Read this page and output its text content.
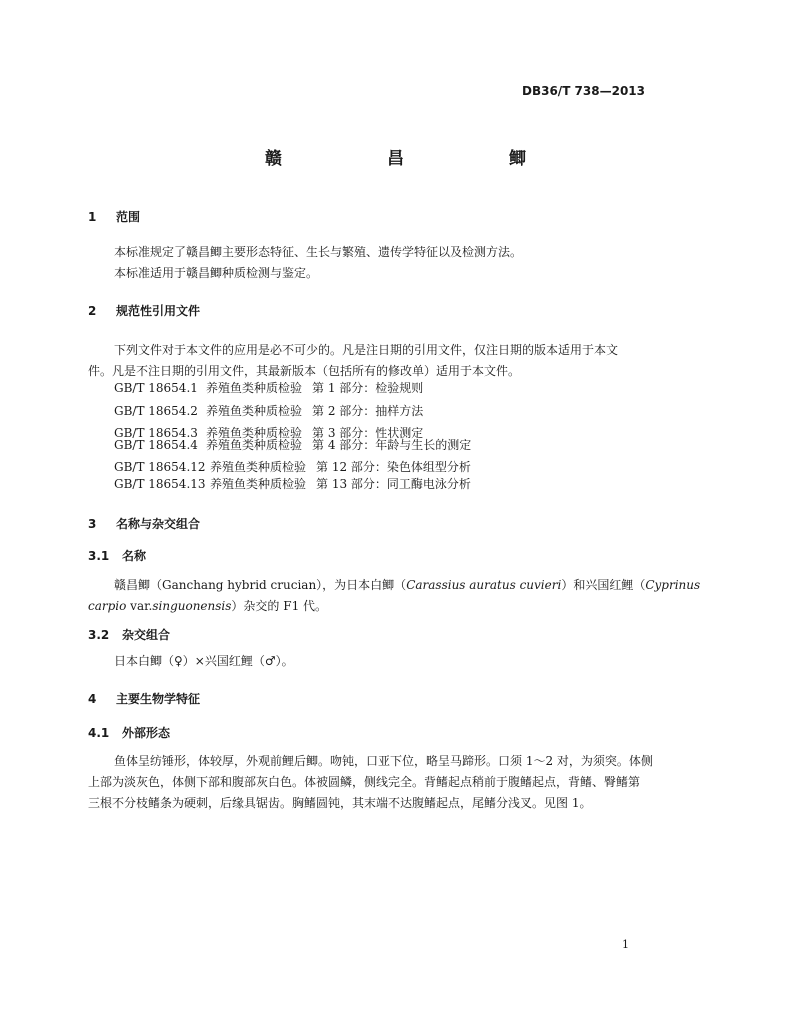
DB36/T 738—2013
赣　昌　鲫
1 范围
本标准规定了赣昌鲫主要形态特征、生长与繁殖、遗传学特征以及检测方法。
本标准适用于赣昌鲫种质检测与鉴定。
2 规范性引用文件
下列文件对于本文件的应用是必不可少的。凡是注日期的引用文件，仅注日期的版本适用于本文
件。凡是不注日期的引用文件，其最新版本（包括所有的修改单）适用于本文件。
GB/T 18654.1 养殖鱼类种质检验 第 1 部分：检验规则
GB/T 18654.2 养殖鱼类种质检验 第 2 部分：抽样方法
GB/T 18654.3 养殖鱼类种质检验 第 3 部分：性状测定
GB/T 18654.4 养殖鱼类种质检验 第 4 部分：年龄与生长的测定
GB/T 18654.12 养殖鱼类种质检验 第 12 部分：染色体组型分析
GB/T 18654.13 养殖鱼类种质检验 第 13 部分：同工酶电泳分析
3 名称与杂交组合
3.1 名称
赣昌鲫（Ganchang hybrid crucian），为日本白鲫（Carassius auratus cuvieri）和兴国红鲤（Cyprinus
carpio var.singuonensis）杂交的 F1 代。
3.2 杂交组合
日本白鲫（♀）×兴国红鲤（♂）。
4 主要生物学特征
4.1 外部形态
鱼体呈纺锤形，体较厚，外观前鲤后鲫。吻钝，口亚下位，略呈马蹄形。口须 1～2 对，为须突。体侧
上部为淡灰色，体侧下部和腹部灰白色。体被圆鳞，侧线完全。背鳍起点稍前于腹鳍起点，背鳍、臀鳍第
三根不分枝鳍条为硬刺，后缘具锯齿。胸鳍圆钝，其末端不达腹鳍起点，尾鳍分浅叉。见图 1。
1
